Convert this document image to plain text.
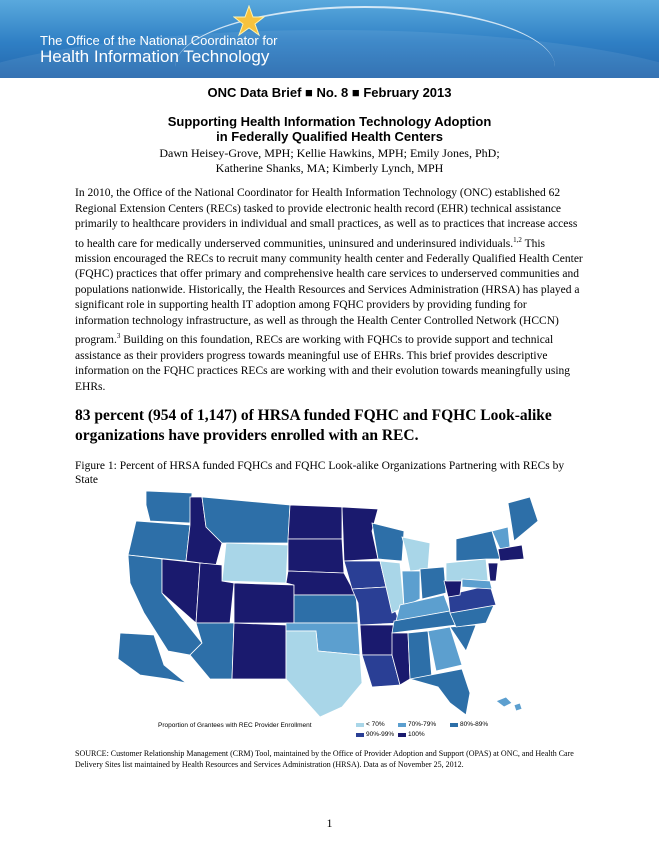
The Office of the National Coordinator for
Health Information Technology
ONC Data Brief ■ No. 8 ■ February 2013
Supporting Health Information Technology Adoption
in Federally Qualified Health Centers
Dawn Heisey-Grove, MPH; Kellie Hawkins, MPH; Emily Jones, PhD;
Katherine Shanks, MA; Kimberly Lynch, MPH
In 2010, the Office of the National Coordinator for Health Information Technology (ONC) established 62 Regional Extension Centers (RECs) tasked to provide electronic health record (EHR) technical assistance primarily to healthcare providers in individual and small practices, as well as to practices that increase access to health care for medically underserved communities, uninsured and underinsured individuals.$^{1,2}$ This mission encouraged the RECs to recruit many community health center and Federally Qualified Health Center (FQHC) practices that offer primary and comprehensive health care services to underserved communities and populations nationwide. Historically, the Health Resources and Services Administration (HRSA) has played a significant role in supporting health IT adoption among FQHC providers by providing funding for information technology infrastructure, as well as through the Health Center Controlled Network (HCCN) program.$^3$ Building on this foundation, RECs are working with FQHCs to provide support and technical assistance as their providers progress towards meaningful use of EHRs. This brief provides descriptive information on the FQHC practices RECs are working with and their evolution towards meaningfully using EHRs.
83 percent (954 of 1,147) of HRSA funded FQHC and FQHC Look-alike organizations have providers enrolled with an REC.
Figure 1: Percent of HRSA funded FQHCs and FQHC Look-alike Organizations Partnering with RECs by State
Proportion of Grantees with REC Provider Enrollment	< 70%	70%-79%	80%-89%
90%-99% 100%
SOURCE: Customer Relationship Management (CRM) Tool, maintained by the Office of Provider Adoption and Support (OPAS) at ONC, and Health Care Delivery Sites list maintained by Health Resources and Services Administration (HRSA). Data as of November 25, 2012.
1
